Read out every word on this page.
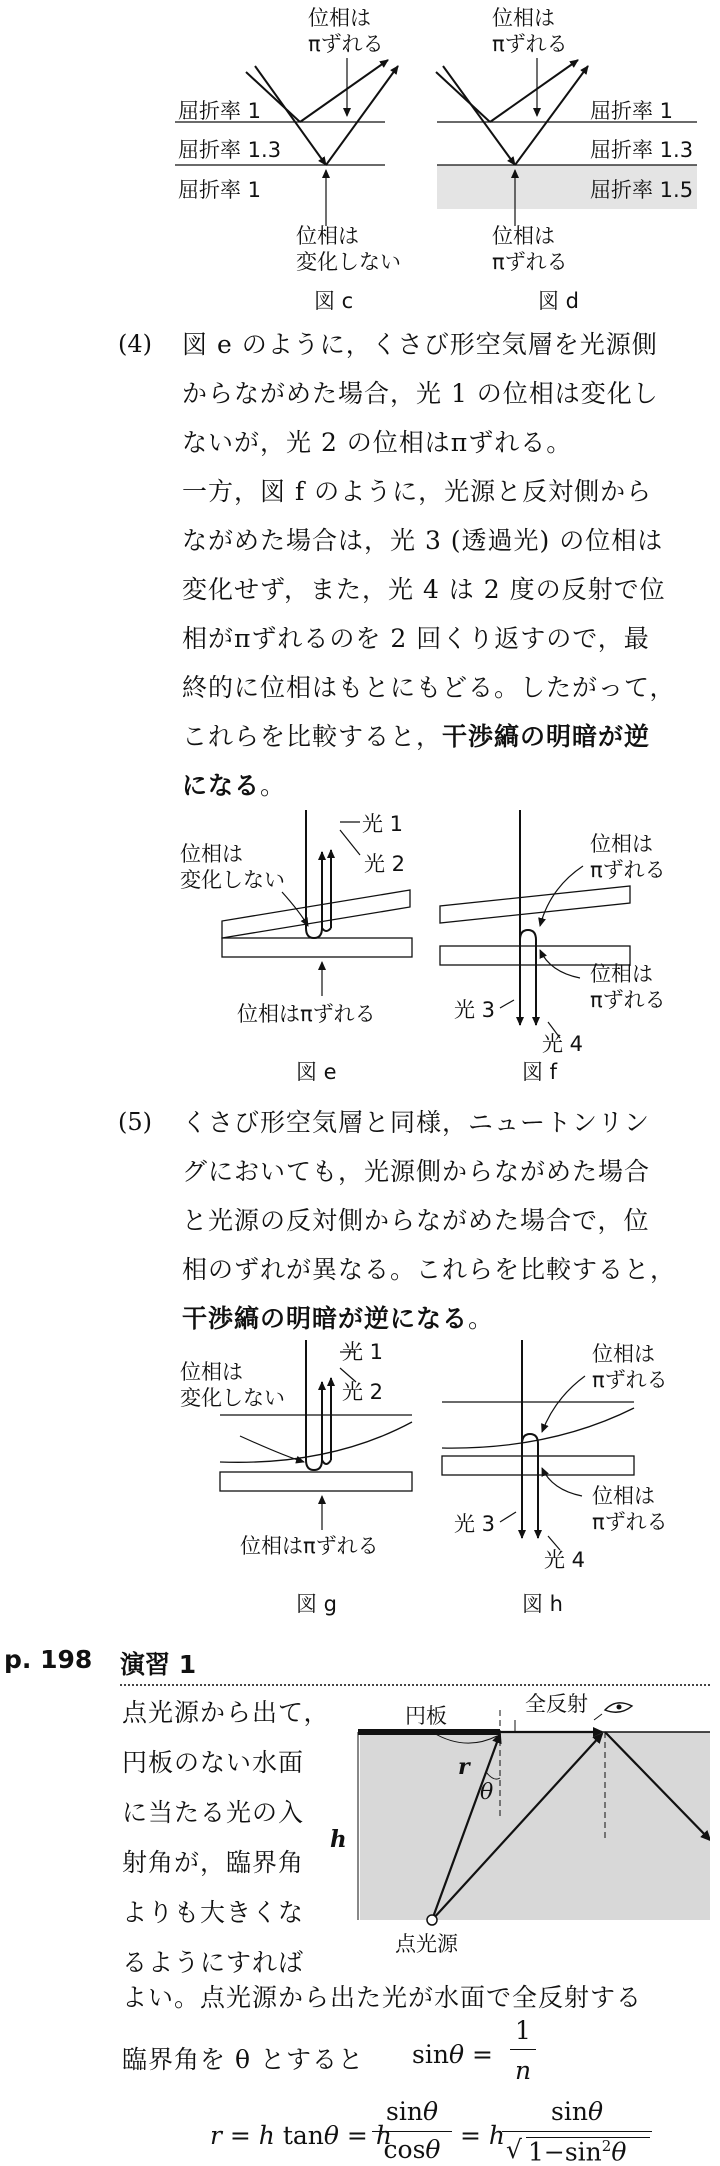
位相は
πずれる
屈折率 1
屈折率 1.3
屈折率 1
位相は
変化しない
図 c
位相は
πずれる
屈折率 1
屈折率 1.3
屈折率 1.5
位相は
πずれる
図 d
(4) 図 e のように，くさび形空気層を光源側
からながめた場合，光 1 の位相は変化し
ないが，光 2 の位相はπずれる。
一方，図 f のように，光源と反対側から
ながめた場合は，光 3 (透過光) の位相は
変化せず，また，光 4 は 2 度の反射で位
相がπずれるのを 2 回くり返すので，最
終的に位相はもとにもどる。したがって，
これらを比較すると，干渉縞の明暗が逆
になる。
光 1
光 2
位相は
変化しない
位相はπずれる
図 e
位相は
πずれる
位相は
πずれる
光 3
光 4
図 f
(5) くさび形空気層と同様，ニュートンリン
グにおいても，光源側からながめた場合
と光源の反対側からながめた場合で，位
相のずれが異なる。これらを比較すると，
干渉縞の明暗が逆になる。
光 1
光 2
位相は
変化しない
位相はπずれる
図 g
位相は
πずれる
位相は
πずれる
光 3
光 4
図 h
p. 198 演習 1
点光源から出て，
円板のない水面
に当たる光の入
射角が，臨界角
よりも大きくな
るようにすれば
円板	全反射
r
θ
h
点光源
よい。点光源から出た光が水面で全反射する
臨界角を θ とすると sinθ =
1
n
r = h tanθ = h
sinθ
cosθ = h
sinθ
√ $1-\sin^2\theta$
